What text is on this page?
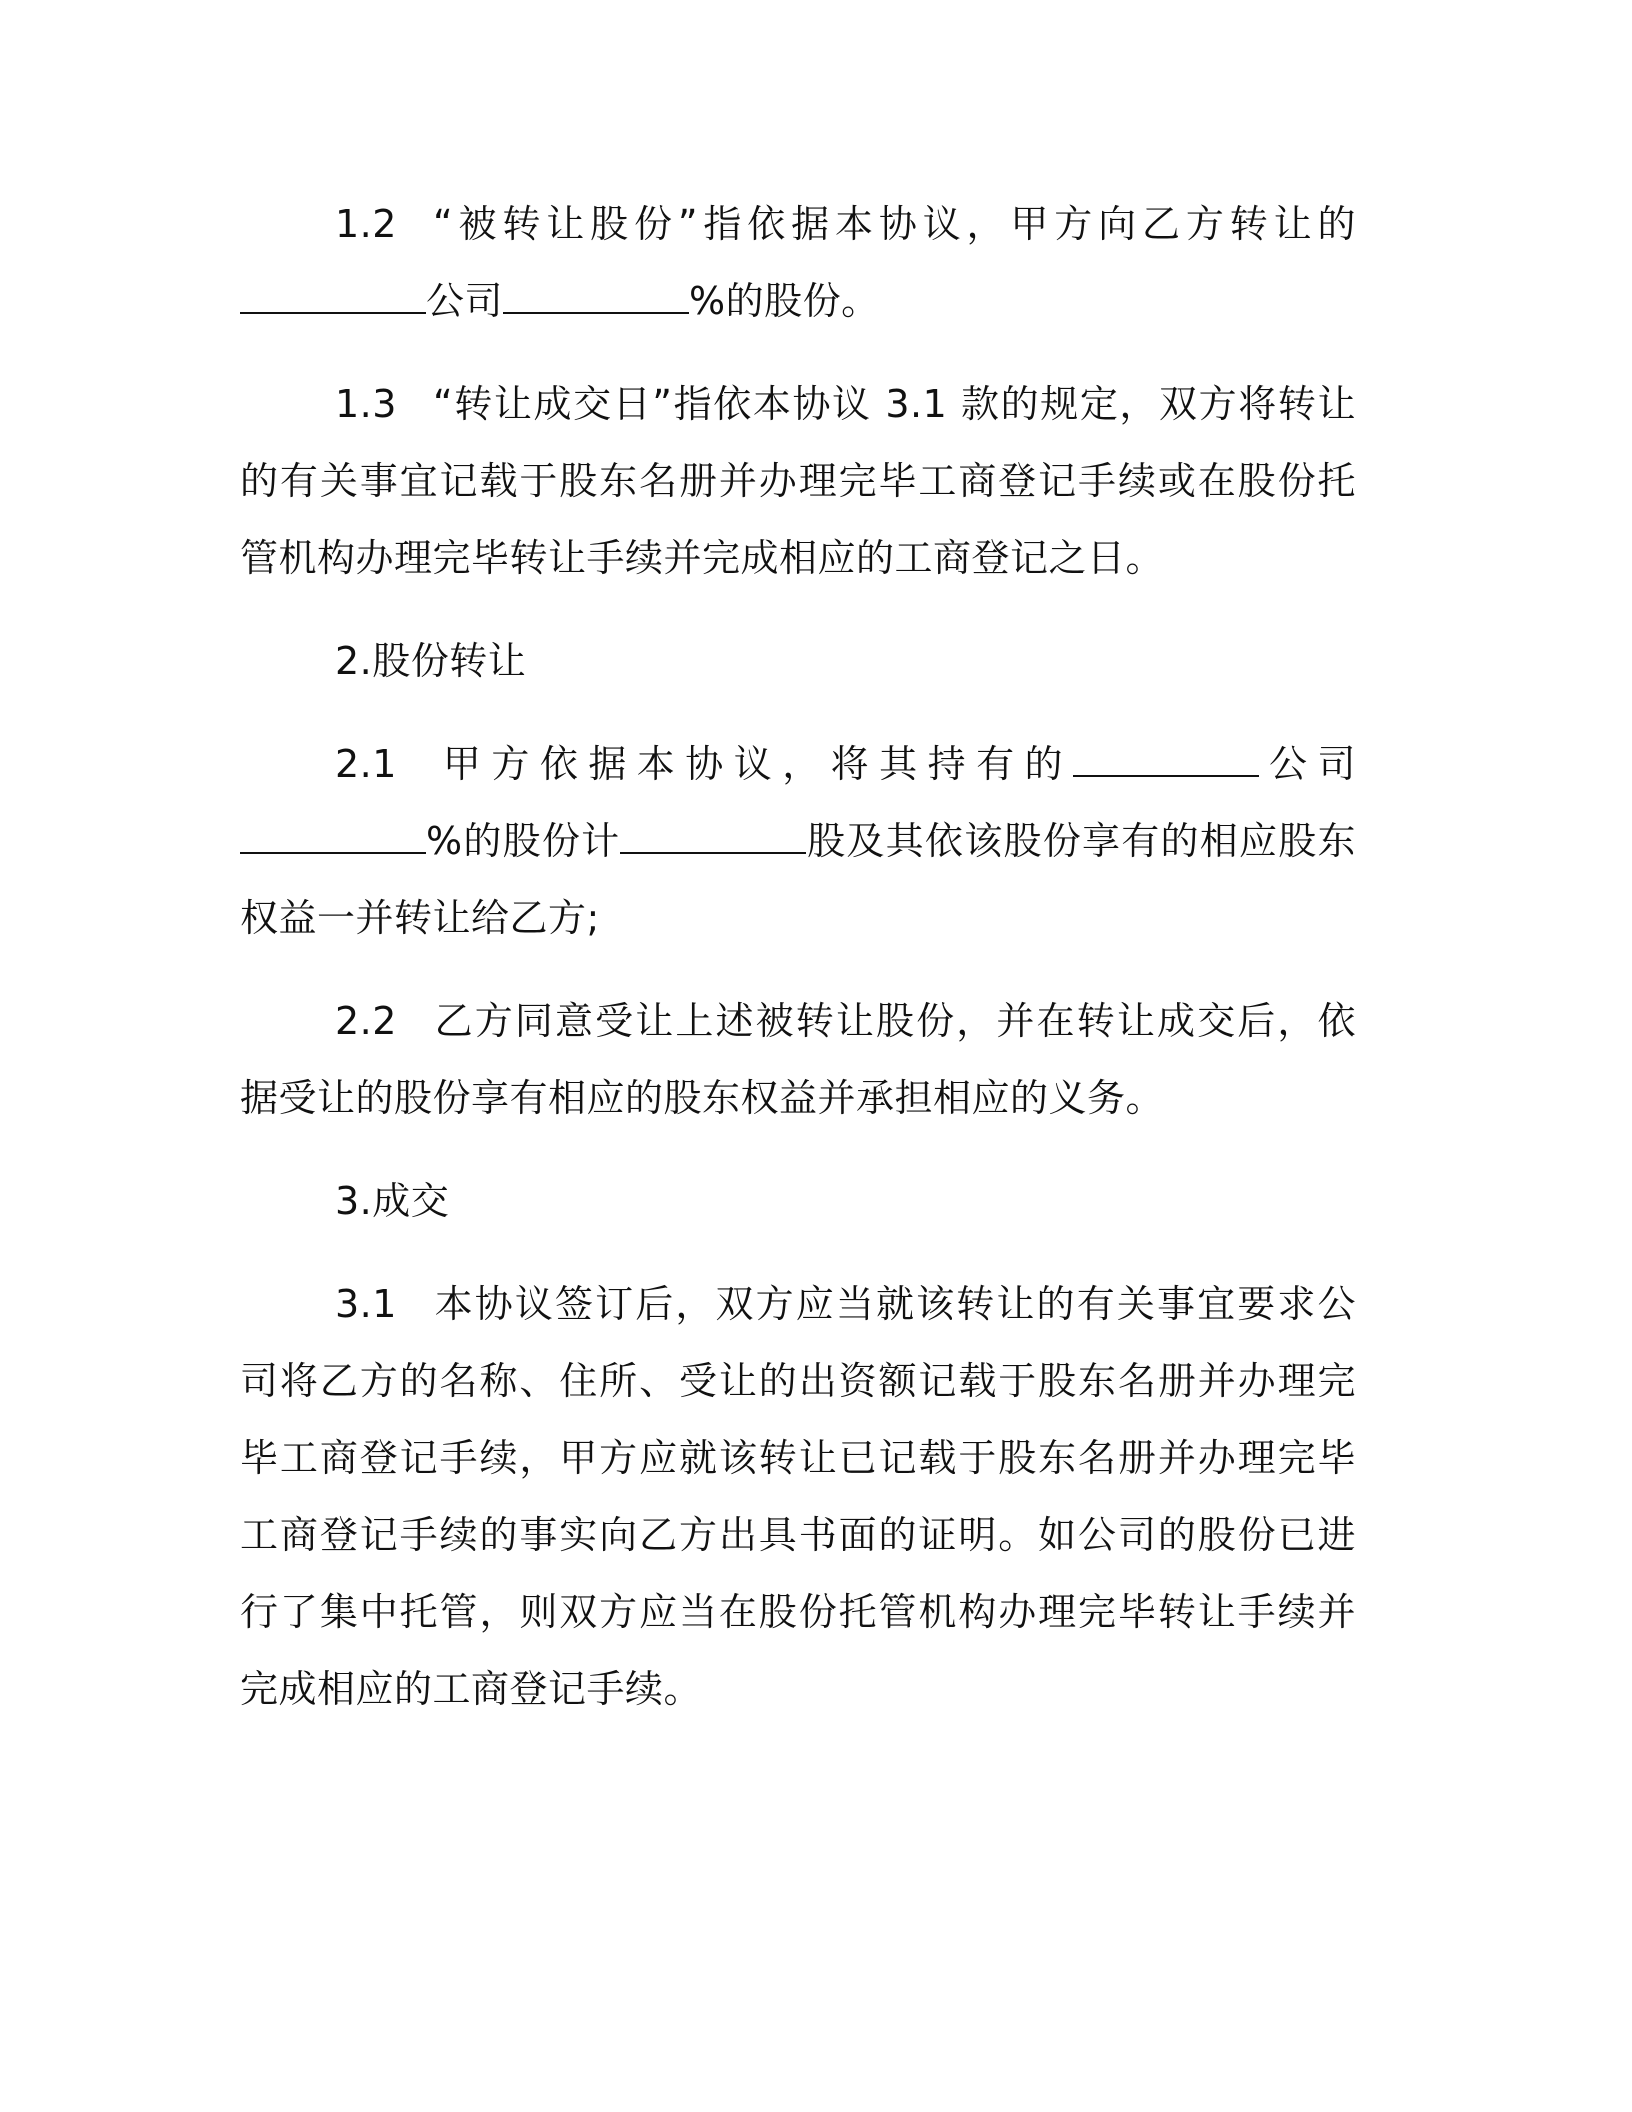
1.2 “被转让股份”指依据本协议，甲方向乙方转让的公司	%的股份。

1.3 “转让成交日”指依本协议 3.1 款的规定，双方将转让的有关事宜记载于股东名册并办理完毕工商登记手续或在股份托管机构办理完毕转让手续并完成相应的工商登记之日。

2.股份转让

2.1 甲方依据本协议，将其持有的	公司%的股份计	股及其依该股份享有的相应股东权益一并转让给乙方;

2.2 乙方同意受让上述被转让股份，并在转让成交后，依据受让的股份享有相应的股东权益并承担相应的义务。

3.成交

3.1 本协议签订后，双方应当就该转让的有关事宜要求公司将乙方的名称、住所、受让的出资额记载于股东名册并办理完毕工商登记手续，甲方应就该转让已记载于股东名册并办理完毕工商登记手续的事实向乙方出具书面的证明。如公司的股份已进行了集中托管，则双方应当在股份托管机构办理完毕转让手续并完成相应的工商登记手续。
